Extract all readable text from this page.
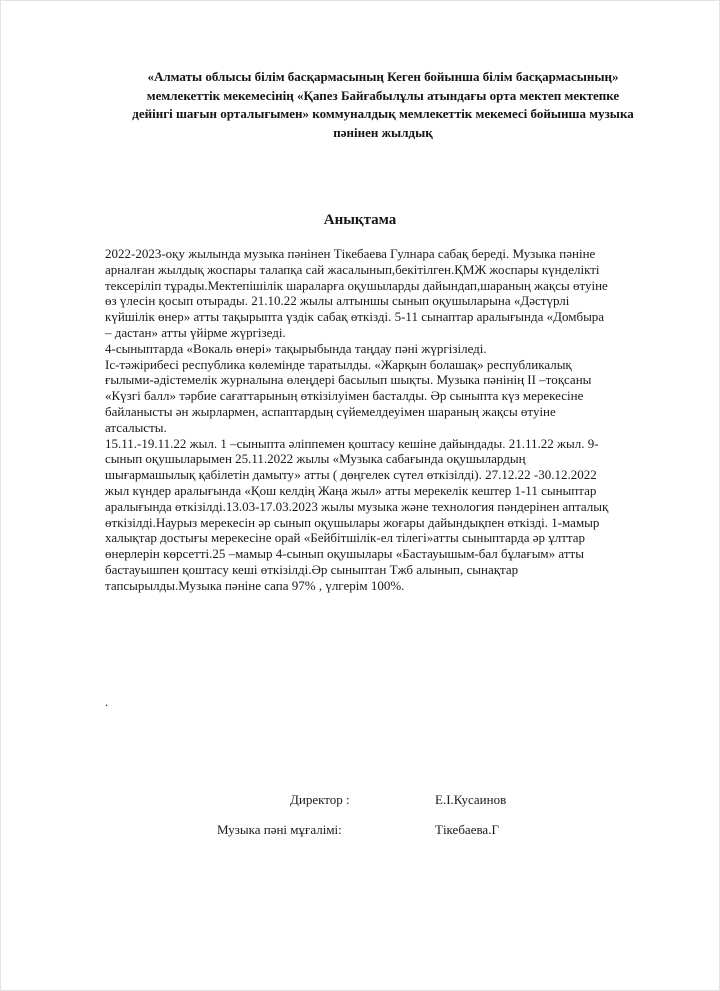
«Алматы облысы білім басқармасының Кеген бойынша білім басқармасының»
мемлекеттік мекемесінің «Қапез Байғабылұлы атындағы орта мектеп мектепке
дейінгі шағын орталығымен» коммуналдық мемлекеттік мекемесі бойынша музыка
пәнінен жылдық
Анықтама
2022-2023-оқу жылында музыка пәнінен Тікебаева Гулнара сабақ береді. Музыка пәніне
арналған жылдық жоспары талапқа сай жасалынып,бекітілген.ҚМЖ жоспары күнделікті
тексеріліп тұрады.Мектепішілік шараларға оқушыларды дайындап,шараның жақсы өтуіне
өз үлесін қосып отырады. 21.10.22 жылы алтыншы сынып оқушыларына «Дәстүрлі
күйшілік өнер» атты тақырыпта үздік сабақ өткізді. 5-11 сынаптар аралығында «Домбыра
– дастан» атты үйірме жүргізеді.
4-сыныптарда «Вокаль өнері» тақырыбында таңдау пәні жүргізіледі.
Іс-тәжірибесі республика көлемінде таратылды. «Жарқын болашақ» республикалық
ғылыми-әдістемелік журналына өлеңдері басылып шықты. Музыка пәнінің ІІ –тоқсаны
«Күзгі балл» тәрбие сағаттарының өткізілуімен басталды. Әр сыныпта күз мерекесіне
байланысты ән жырлармен, аспаптардың сүйемелдеуімен шараның жақсы өтуіне
атсалысты.
15.11.-19.11.22 жыл. 1 –сыныпта әліппемен қоштасу кешіне дайындады. 21.11.22 жыл. 9-
сынып оқушыларымен 25.11.2022 жылы «Музыка сабағында оқушылардың
шығармашылық қабілетін дамыту» атты ( дөңгелек сүтел өткізілді). 27.12.22 -30.12.2022
жыл күндер аралығында «Қош келдің Жаңа жыл» атты мерекелік кештер 1-11 сыныптар
аралығында өткізілді.13.03-17.03.2023 жылы музыка және технология пәндерінен апталық
өткізілді.Наурыз мерекесін әр сынып оқушылары жоғары дайындықпен өткізді. 1-мамыр
халықтар достығы мерекесіне орай «Бейбітшілік-ел тілегі»атты сыныптарда әр ұлттар
өнерлерін көрсетті.25 –мамыр 4-сынып оқушылары «Бастауышым-бал бұлағым» атты
бастауышпен қоштасу кеші өткізілді.Әр сыныптан Тжб алынып, сынақтар
тапсырылды.Музыка пәніне сапа 97% , үлгерім 100%.
.
Директор :	Е.І.Кусаинов
Музыка пәні мұғалімі:	Тікебаева.Г
